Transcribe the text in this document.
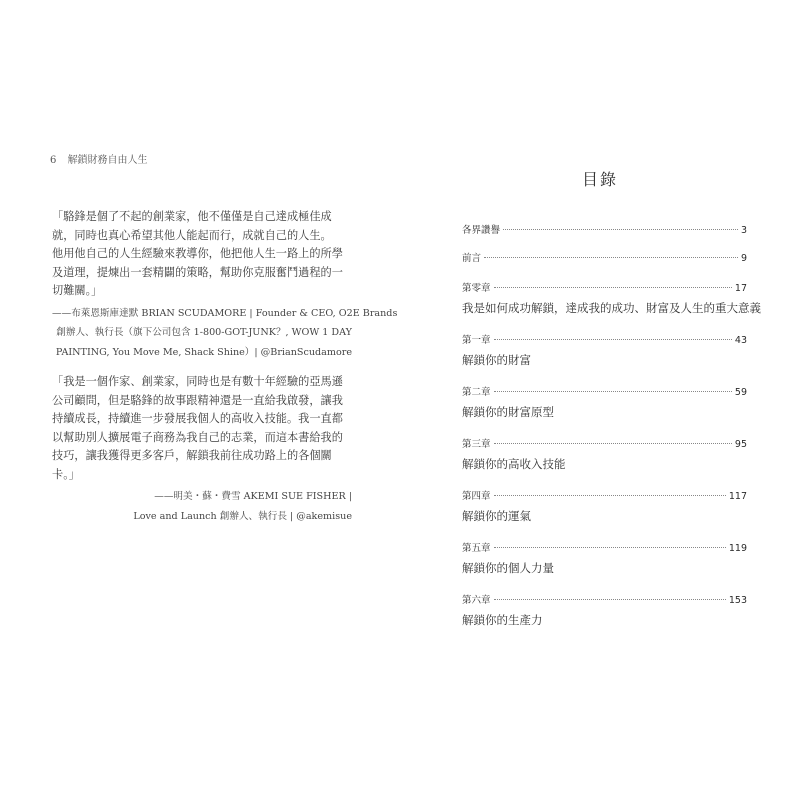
6 解鎖財務自由人生

「駱鋒是個了不起的創業家，他不僅僅是自己達成極佳成就，同時也真心希望其他人能起而行，成就自己的人生。

他用他自己的人生經驗來教導你，他把他人生一路上的所學及道理，提煉出一套精闢的策略，幫助你克服奮鬥過程的一切難關。」

——布萊恩斯庫達默 BRIAN SCUDAMORE | Founder & CEO, O2E Brands
創辦人、執行長（旗下公司包含 1-800-GOT-JUNK？, WOW 1 DAY
PAINTING, You Move Me, Shack Shine）| @BrianScudamore

「我是一個作家、創業家，同時也是有數十年經驗的亞馬遜公司顧問，但是駱鋒的故事跟精神還是一直給我啟發，讓我持續成長，持續進一步發展我個人的高收入技能。我一直都以幫助別人擴展電子商務為我自己的志業，而這本書給我的技巧，讓我獲得更多客戶，解鎖我前往成功路上的各個關卡。」

——明美・蘇・費雪 AKEMI SUE FISHER |
Love and Launch 創辦人、執行長 | @akemisue
目錄
各界讚譽	3
前言	9
第零章	17
我是如何成功解鎖，達成我的成功、財富及人生的重大意義
第一章	43
解鎖你的財富
第二章	59
解鎖你的財富原型
第三章	95
解鎖你的高收入技能
第四章	117
解鎖你的運氣
第五章	119
解鎖你的個人力量
第六章	153
解鎖你的生產力
